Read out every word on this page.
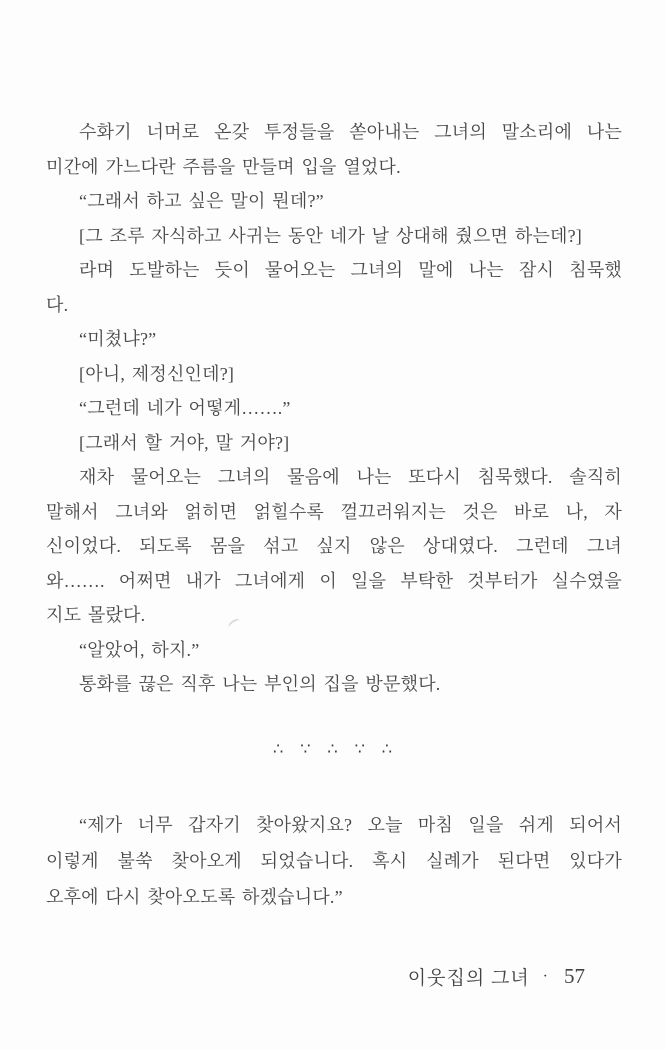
수화기 너머로 온갖 투정들을 쏟아내는 그녀의 말소리에 나는
미간에 가느다란 주름을 만들며 입을 열었다.
“그래서 하고 싶은 말이 뭔데?”
[그 조루 자식하고 사귀는 동안 네가 날 상대해 줬으면 하는데?]
라며 도발하는 듯이 물어오는 그녀의 말에 나는 잠시 침묵했
다.
“미쳤냐?”
[아니, 제정신인데?]
“그런데 네가 어떻게…….”
[그래서 할 거야, 말 거야?]
재차 물어오는 그녀의 물음에 나는 또다시 침묵했다. 솔직히
말해서 그녀와 얽히면 얽힐수록 껄끄러워지는 것은 바로 나, 자
신이었다. 되도록 몸을 섞고 싶지 않은 상대였다. 그런데 그녀
와……. 어쩌면 내가 그녀에게 이 일을 부탁한 것부터가 실수였을
지도 몰랐다.
“알았어, 하지.”
통화를 끊은 직후 나는 부인의 집을 방문했다.
∴∵∴∵∴
“제가 너무 갑자기 찾아왔지요? 오늘 마침 일을 쉬게 되어서
이렇게 불쑥 찾아오게 되었습니다. 혹시 실례가 된다면 있다가
오후에 다시 찾아오도록 하겠습니다.”
이웃집의 그녀 · 57
